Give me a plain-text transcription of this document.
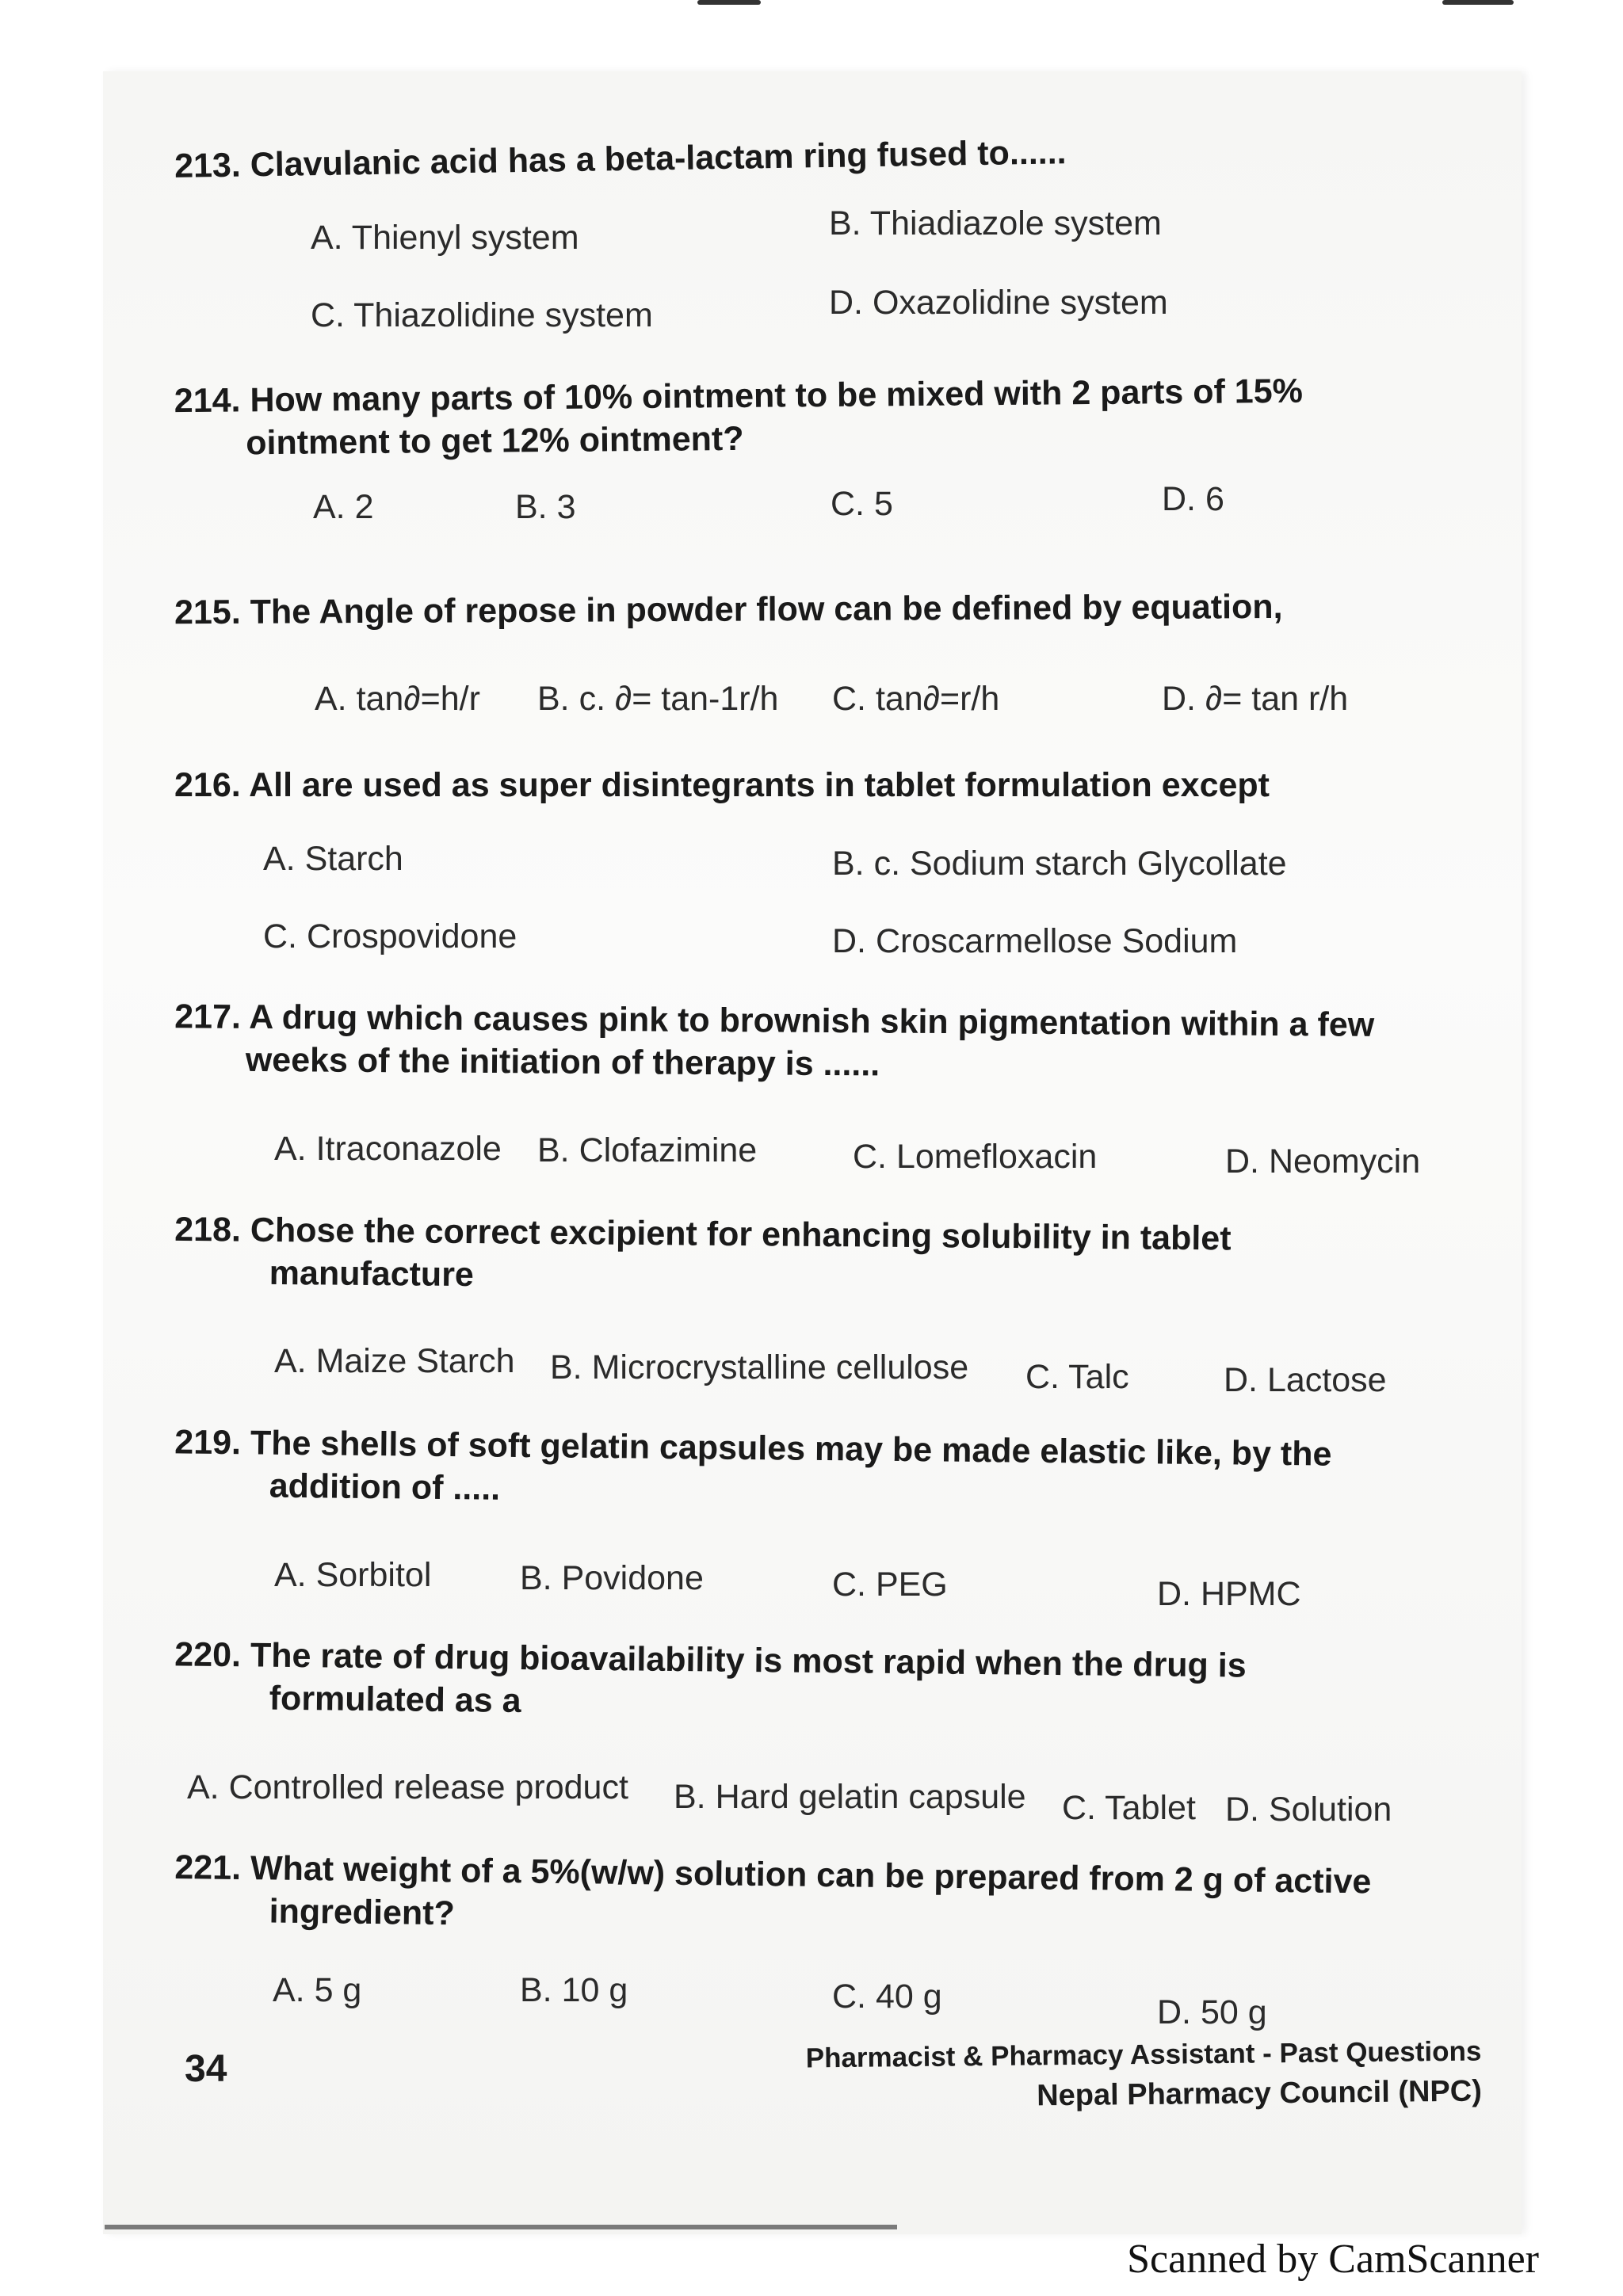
213. Clavulanic acid has a beta-lactam ring fused to......
A. Thienyl system	B. Thiadiazole system
C. Thiazolidine system	D. Oxazolidine system
214. How many parts of 10% ointment to be mixed with 2 parts of 15%
ointment to get 12% ointment?
A. 2	B. 3	C. 5	D. 6
215. The Angle of repose in powder flow can be defined by equation,
A. tan∂=h/r B. c. ∂= tan-1r/h C. tan∂=r/h	D. ∂= tan r/h
216. All are used as super disintegrants in tablet formulation except
A. Starch	B. c. Sodium starch Glycollate
C. Crospovidone	D. Croscarmellose Sodium
217. A drug which causes pink to brownish skin pigmentation within a few
weeks of the initiation of therapy is ......
A. Itraconazole B. Clofazimine	C. Lomefloxacin	D. Neomycin
218. Chose the correct excipient for enhancing solubility in tablet
manufacture
A. Maize Starch B. Microcrystalline cellulose C. Talc	D. Lactose
219. The shells of soft gelatin capsules may be made elastic like, by the
addition of .....
A. Sorbitol	B. Povidone	C. PEG	D. HPMC
220. The rate of drug bioavailability is most rapid when the drug is
formulated as a
A. Controlled release product B. Hard gelatin capsule C. Tablet D. Solution
221. What weight of a 5%(w/w) solution can be prepared from 2 g of active
ingredient?
A. 5 g	B. 10 g	C. 40 g	D. 50 g
34	Pharmacist & Pharmacy Assistant - Past Questions
Nepal Pharmacy Council (NPC)
Scanned by CamScanner
